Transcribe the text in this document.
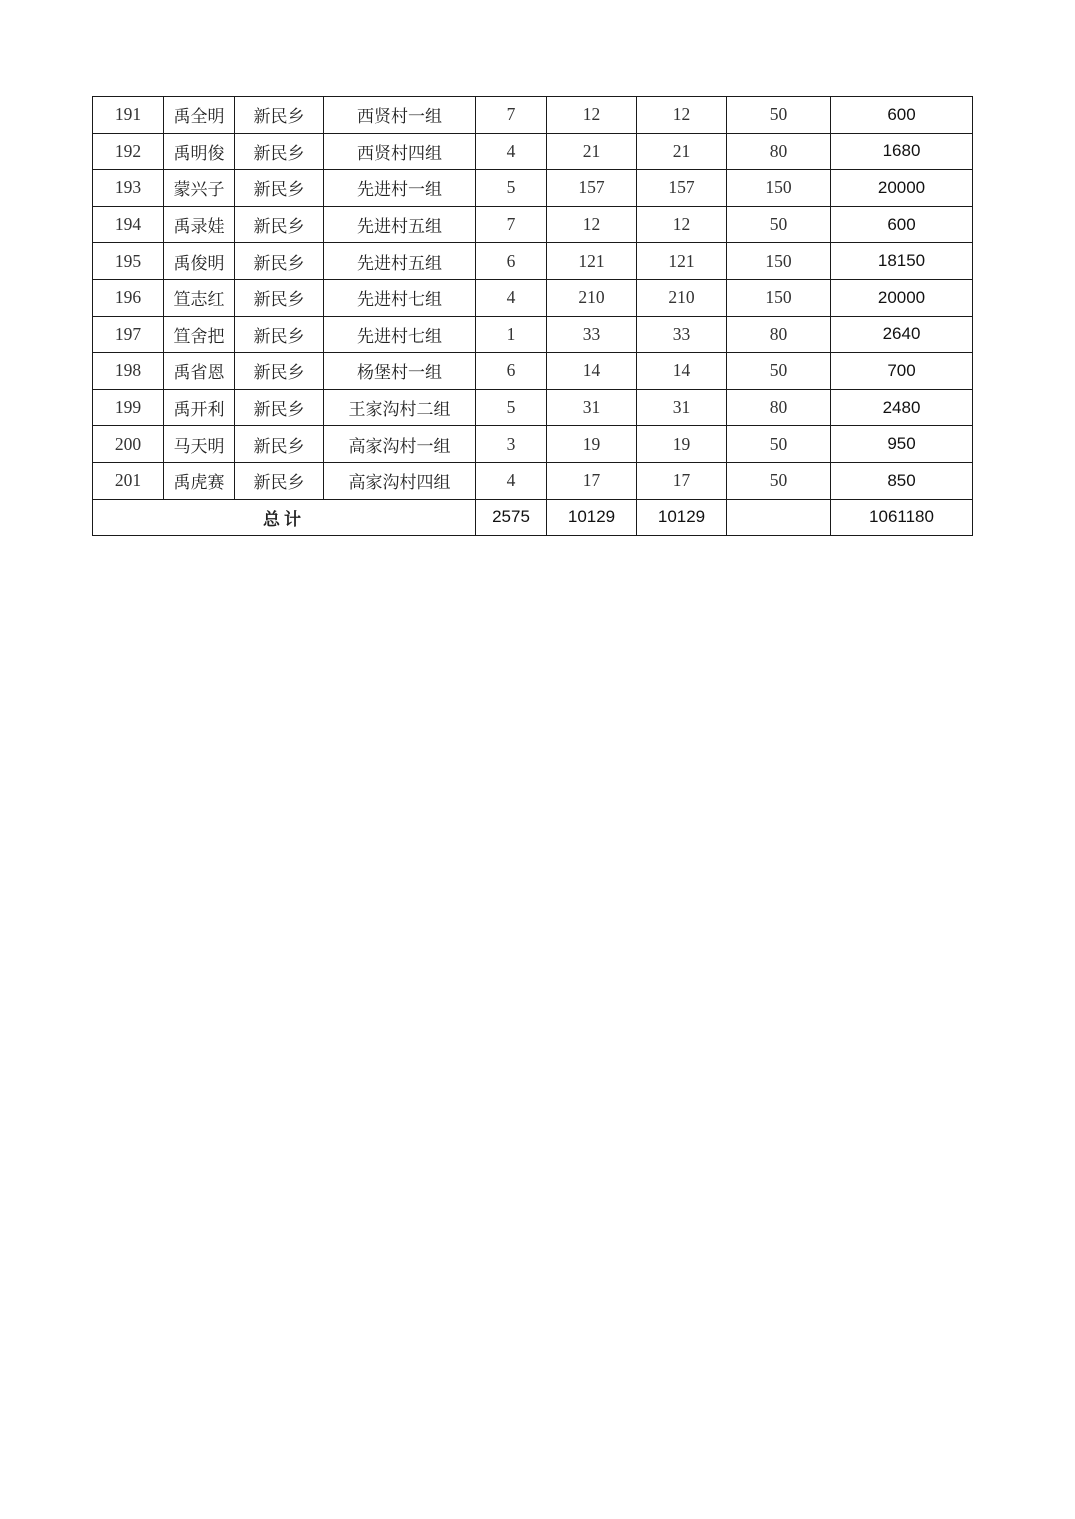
191	禹全明	新民乡	西贤村一组	7	12	12	50	600
192	禹明俊	新民乡	西贤村四组	4	21	21	80	1680
193	蒙兴子	新民乡	先进村一组	5	157	157	150	20000
194	禹录娃	新民乡	先进村五组	7	12	12	50	600
195	禹俊明	新民乡	先进村五组	6	121	121	150	18150
196	笪志红	新民乡	先进村七组	4	210	210	150	20000
197	笪舍把	新民乡	先进村七组	1	33	33	80	2640
198	禹省恩	新民乡	杨堡村一组	6	14	14	50	700
199	禹开利	新民乡	王家沟村二组	5	31	31	80	2480
200	马天明	新民乡	高家沟村一组	3	19	19	50	950
201	禹虎赛	新民乡	高家沟村四组	4	17	17	50	850
总计				2575	10129	10129		1061180
